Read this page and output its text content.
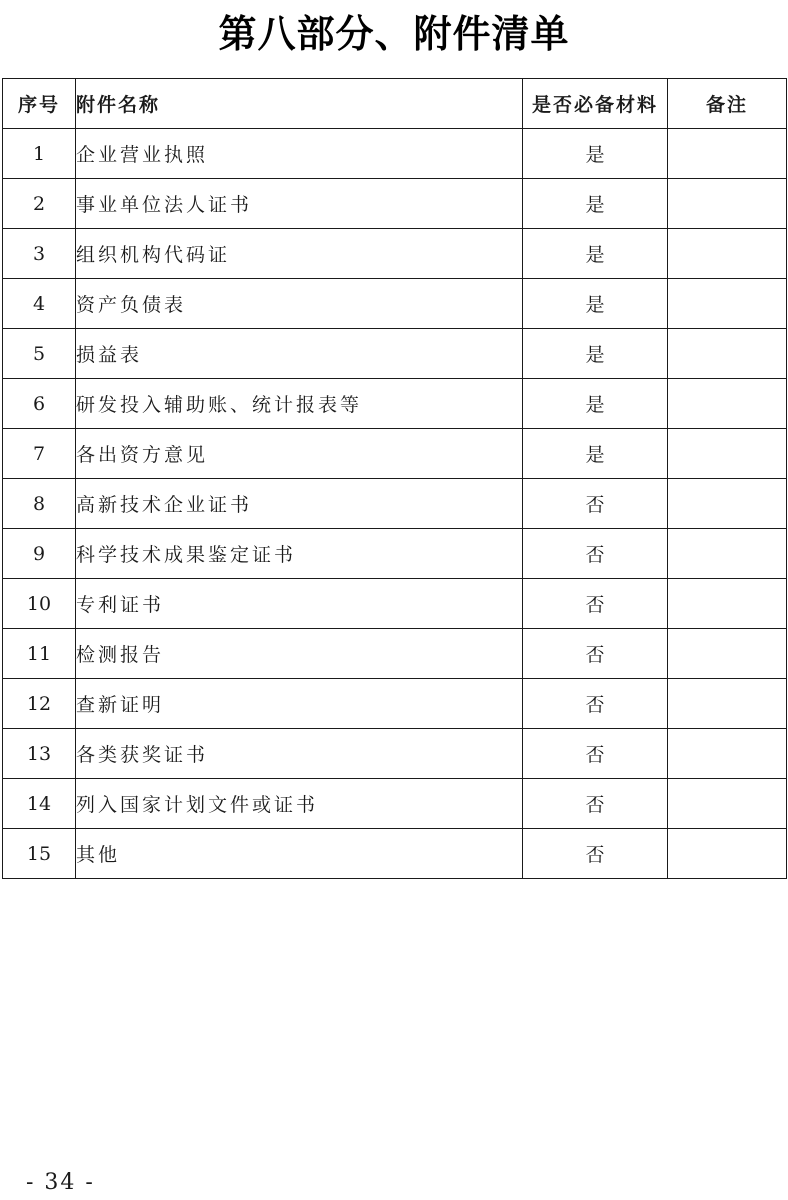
第八部分、附件清单
序号	附件名称	是否必备材料	备注
1	企业营业执照	是	
2	事业单位法人证书	是	
3	组织机构代码证	是	
4	资产负债表	是	
5	损益表	是	
6	研发投入辅助账、统计报表等	是	
7	各出资方意见	是	
8	高新技术企业证书	否	
9	科学技术成果鉴定证书	否	
10	专利证书	否	
11	检测报告	否	
12	查新证明	否	
13	各类获奖证书	否	
14	列入国家计划文件或证书	否	
15	其他	否	
- 34 -
